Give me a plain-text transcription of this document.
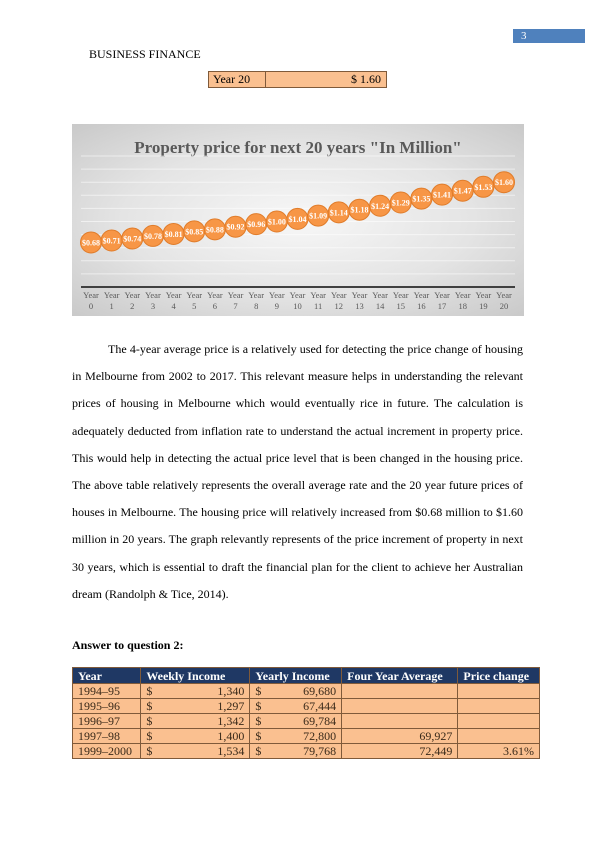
3
BUSINESS FINANCE
Year 20	$ 1.60
Property price for next 20 years "In Million"
$0.68 $0.71 $0.74 $0.78 $0.81 $0.85 $0.88 $0.92 $0.96 $1.00 $1.04 $1.09 $1.14 $1.18 $1.24 $1.29 $1.35 $1.41 $1.47 $1.53
$1.60
Year 0
Year 1
Year 2
Year 3
Year 4
Year 5
Year 6
Year 7
Year 8
Year 9
Year 10
Year 11
Year 12
Year 13
Year 14
Year 15
Year 16
Year 17
Year 18
Year 19
Year 20

The 4-year average price is a relatively used for detecting the price change of housing in Melbourne from 2002 to 2017. This relevant measure helps in understanding the relevant prices of housing in Melbourne which would eventually rice in future. The calculation is adequately deducted from inflation rate to understand the actual increment in property price. This would help in detecting the actual price level that is been changed in the housing price. The above table relatively represents the overall average rate and the 20 year future prices of houses in Melbourne. The housing price will relatively increased from $0.68 million to $1.60 million in 20 years. The graph relevantly represents of the price increment of property in next 30 years, which is essential to draft the financial plan for the client to achieve her Australian dream (Randolph & Tice, 2014).

Answer to question 2:
Year	Weekly Income	Yearly Income	Four Year Average	Price change
1994–95	$ 1,340	$ 69,680		

1995–96	$ 1,297	$ 67,444		

1996–97	$ 1,342	$ 69,784		

1997–98	$ 1,400	$ 72,800	69,927	
1999–2000	$ 1,534	$ 79,768	72,449	3.61%
